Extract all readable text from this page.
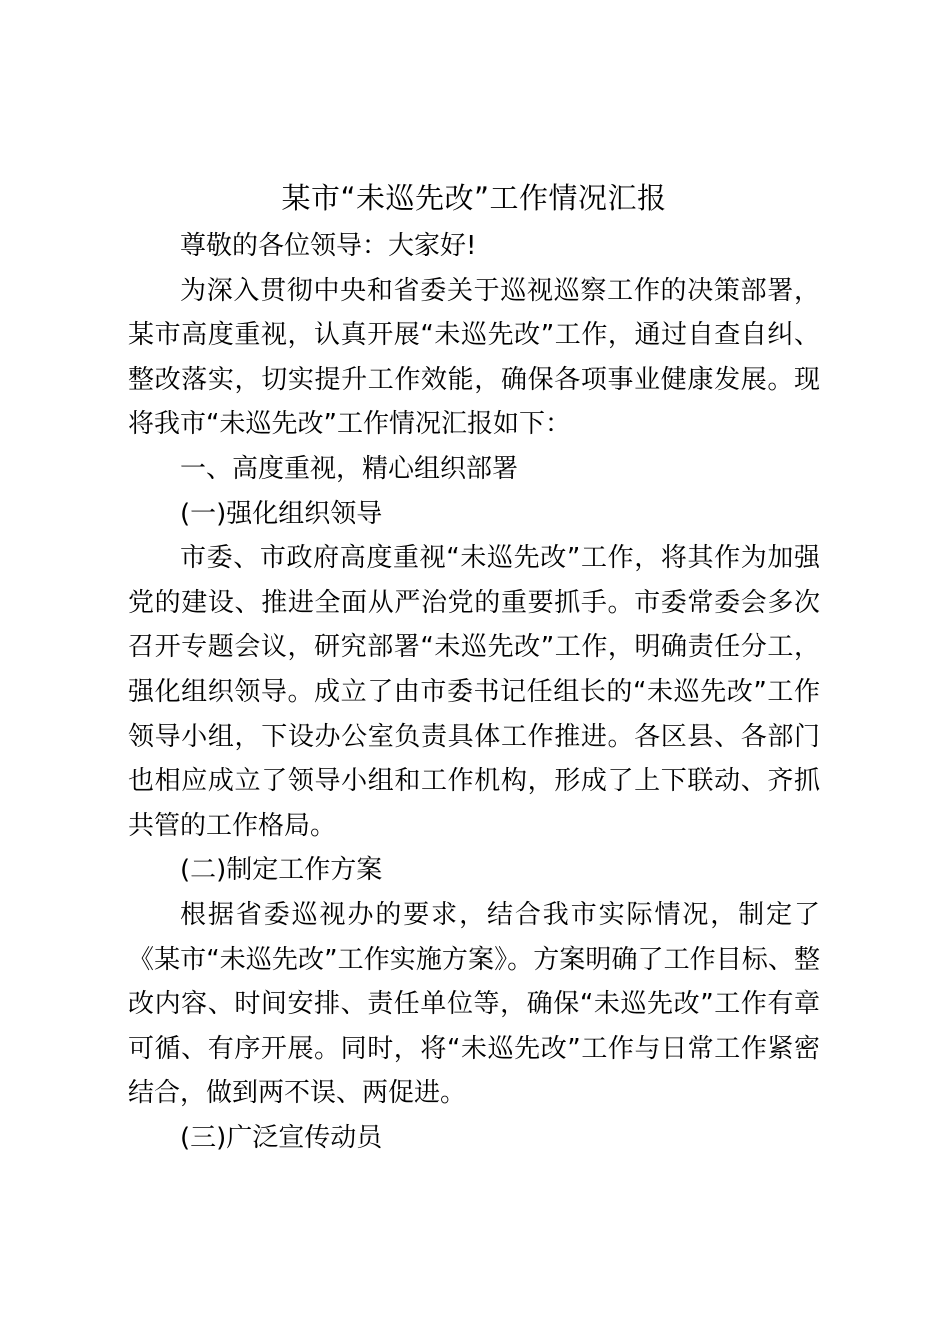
某市“未巡先改”工作情况汇报

尊敬的各位领导：大家好!

为深入贯彻中央和省委关于巡视巡察工作的决策部署，某市高度重视，认真开展“未巡先改”工作，通过自查自纠、整改落实，切实提升工作效能，确保各项事业健康发展。现将我市“未巡先改”工作情况汇报如下：

一、高度重视，精心组织部署

(一)强化组织领导

市委、市政府高度重视“未巡先改”工作，将其作为加强党的建设、推进全面从严治党的重要抓手。市委常委会多次召开专题会议，研究部署“未巡先改”工作，明确责任分工，强化组织领导。成立了由市委书记任组长的“未巡先改”工作领导小组，下设办公室负责具体工作推进。各区县、各部门也相应成立了领导小组和工作机构，形成了上下联动、齐抓共管的工作格局。

(二)制定工作方案

根据省委巡视办的要求，结合我市实际情况，制定了《某市“未巡先改”工作实施方案》。方案明确了工作目标、整改内容、时间安排、责任单位等，确保“未巡先改”工作有章可循、有序开展。同时，将“未巡先改”工作与日常工作紧密结合，做到两不误、两促进。

(三)广泛宣传动员
